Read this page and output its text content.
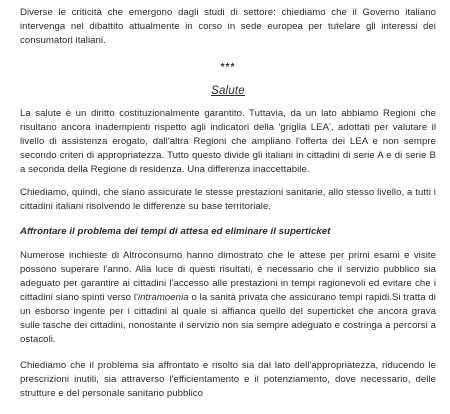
Diverse le criticità che emergono dagli studi di settore: chiediamo che il Governo italiano intervenga nel dibattito attualmente in corso in sede europea per tutelare gli interessi dei consumatori italiani.

***
Salute

La salute è un diritto costituzionalmente garantito. Tuttavia, da un lato abbiamo Regioni che risultano ancora inadempienti rispetto agli indicatori della 'griglia LEA', adottati per valutare il livello di assistenza erogato, dall'altra Regioni che ampliano l'offerta dei LEA e non sempre secondo criteri di appropriatezza. Tutto questo divide gli italiani in cittadini di serie A e di serie B a seconda della Regione di residenza. Una differenza inaccettabile.

Chiediamo, quindi, che siano assicurate le stesse prestazioni sanitarie, allo stesso livello, a tutti i cittadini italiani risolvendo le differenze su base territoriale.

Affrontare il problema dei tempi di attesa ed eliminare il superticket

Numerose inchieste di Altroconsumo hanno dimostrato che le attese per primi esami e visite possono superare l'anno. Alla luce di questi risultati, è necessario che il servizio pubblico sia adeguato per garantire ai cittadini l'accesso alle prestazioni in tempi ragionevoli ed evitare che i cittadini siano spinti verso l'intramoenia o la sanità privata che assicurano tempi rapidi.Si tratta di un esborso ingente per i cittadini al quale si affianca quello del superticket che ancora grava sulle tasche dei cittadini, nonostante il servizio non sia sempre adeguato e costringa a percorsi a ostacoli.

Chiediamo che il problema sia affrontato e risolto sia dal lato dell'appropriatezza, riducendo le prescrizioni inutili, sia attraverso l'efficientamento e il potenziamento, dove necessario, delle strutture e del personale sanitario pubblico
